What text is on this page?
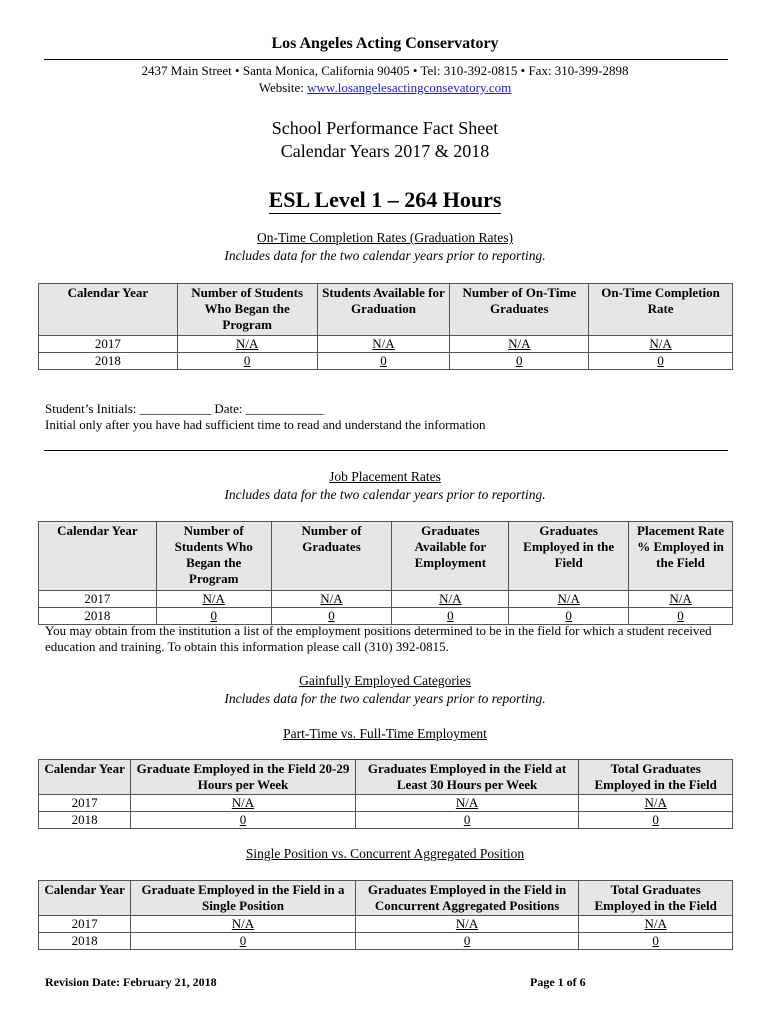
Los Angeles Acting Conservatory
2437 Main Street • Santa Monica, California 90405 • Tel: 310-392-0815 • Fax: 310-399-2898
Website: www.losangelesactingconsevatory.com
School Performance Fact Sheet
Calendar Years 2017 & 2018
ESL Level 1 – 264 Hours
On-Time Completion Rates (Graduation Rates)
Includes data for the two calendar years prior to reporting.
Calendar Year	Number of Students Who Began the Program	Students Available for Graduation	Number of On-Time Graduates	On-Time Completion Rate
2017	N/A	N/A	N/A	N/A
2018	0	0	0	0
Student’s Initials: ___________ Date: ____________
Initial only after you have had sufficient time to read and understand the information
Job Placement Rates
Includes data for the two calendar years prior to reporting.
Calendar Year	Number of Students Who Began the Program	Number of Graduates	Graduates Available for Employment	Graduates Employed in the Field	Placement Rate % Employed in the Field
2017	N/A	N/A	N/A	N/A	N/A
2018	0	0	0	0	0
You may obtain from the institution a list of the employment positions determined to be in the field for which a student received education and training. To obtain this information please call (310) 392-0815.
Gainfully Employed Categories
Includes data for the two calendar years prior to reporting.
Part-Time vs. Full-Time Employment
Calendar Year	Graduate Employed in the Field 20-29 Hours per Week	Graduates Employed in the Field at Least 30 Hours per Week	Total Graduates Employed in the Field
2017	N/A	N/A	N/A
2018	0	0	0
Single Position vs. Concurrent Aggregated Position
Calendar Year	Graduate Employed in the Field in a Single Position	Graduates Employed in the Field in Concurrent Aggregated Positions	Total Graduates Employed in the Field
2017	N/A	N/A	N/A
2018	0	0	0
Revision Date: February 21, 2018	Page 1 of 6
